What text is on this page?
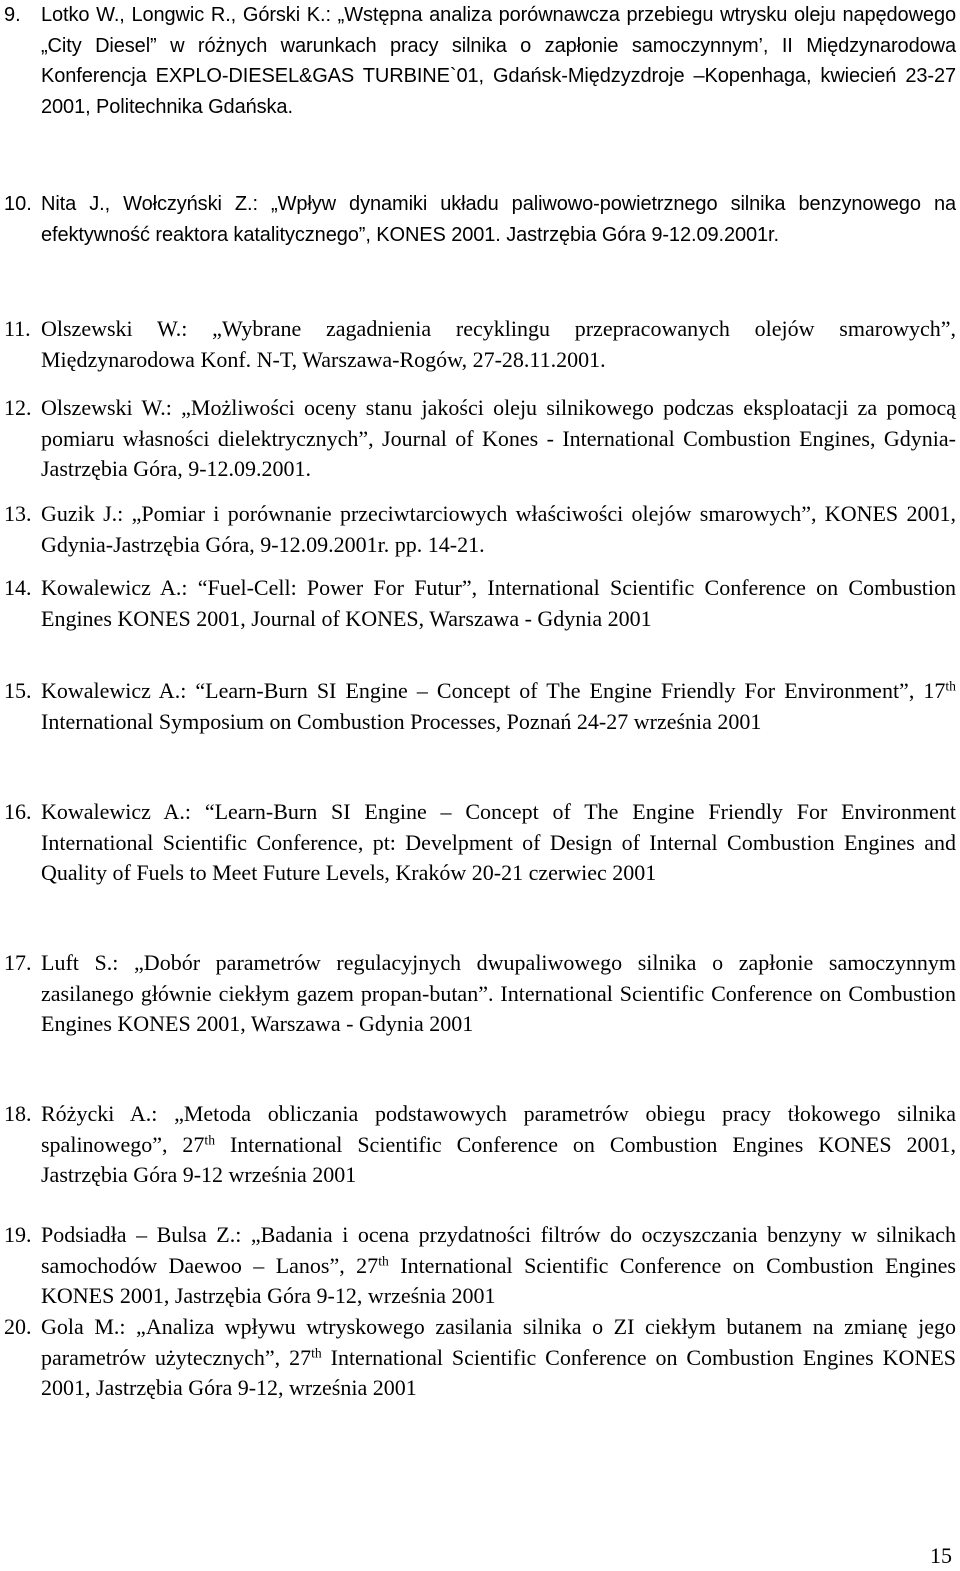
9.	Lotko W., Longwic R., Górski K.: „Wstępna analiza porównawcza przebiegu wtrysku oleju napędowego „City Diesel” w różnych warunkach pracy silnika o zapłonie samoczynnym’, II Międzynarodowa Konferencja EXPLO-DIESEL&GAS TURBINE`01, Gdańsk-Międzyzdroje –Kopenhaga, kwiecień 23-27 2001, Politechnika Gdańska.
10. Nita J., Wołczyński Z.: „Wpływ dynamiki układu paliwowo-powietrznego silnika benzynowego na efektywność reaktora katalitycznego”, KONES 2001. Jastrzębia Góra 9-12.09.2001r.
11. Olszewski W.: „Wybrane zagadnienia recyklingu przepracowanych olejów smarowych”, Międzynarodowa Konf. N-T, Warszawa-Rogów, 27-28.11.2001.
12. Olszewski W.: „Możliwości oceny stanu jakości oleju silnikowego podczas eksploatacji za pomocą pomiaru własności dielektrycznych”, Journal of Kones - International Combustion Engines, Gdynia-Jastrzębia Góra, 9-12.09.2001.
13. Guzik J.: „Pomiar i porównanie przeciwtarciowych właściwości olejów smarowych”, KONES 2001, Gdynia-Jastrzębia Góra, 9-12.09.2001r. pp. 14-21.
14. Kowalewicz A.: “Fuel-Cell: Power For Futur”, International Scientific Conference on Combustion Engines KONES 2001, Journal of KONES, Warszawa - Gdynia 2001
15. Kowalewicz A.: “Learn-Burn SI Engine – Concept of The Engine Friendly For Environment”, 17th International Symposium on Combustion Processes, Poznań 24-27 września 2001
16. Kowalewicz A.: “Learn-Burn SI Engine – Concept of The Engine Friendly For Environment International Scientific Conference, pt: Develpment of Design of Internal Combustion Engines and Quality of Fuels to Meet Future Levels, Kraków 20-21 czerwiec 2001
17. Luft S.: „Dobór parametrów regulacyjnych dwupaliwowego silnika o zapłonie samoczynnym zasilanego głównie ciekłym gazem propan-butan”. International Scientific Conference on Combustion Engines KONES 2001, Warszawa - Gdynia 2001
18. Różycki A.: „Metoda obliczania podstawowych parametrów obiegu pracy tłokowego silnika spalinowego”, 27th International Scientific Conference on Combustion Engines KONES 2001, Jastrzębia Góra 9-12 września 2001
19. Podsiadła – Bulsa Z.: „Badania i ocena przydatności filtrów do oczyszczania benzyny w silnikach samochodów Daewoo – Lanos”, 27th International Scientific Conference on Combustion Engines KONES 2001, Jastrzębia Góra 9-12, września 2001
20. Gola M.: „Analiza wpływu wtryskowego zasilania silnika o ZI ciekłym butanem na zmianę jego parametrów użytecznych”, 27th International Scientific Conference on Combustion Engines KONES 2001, Jastrzębia Góra 9-12, września 2001
15
